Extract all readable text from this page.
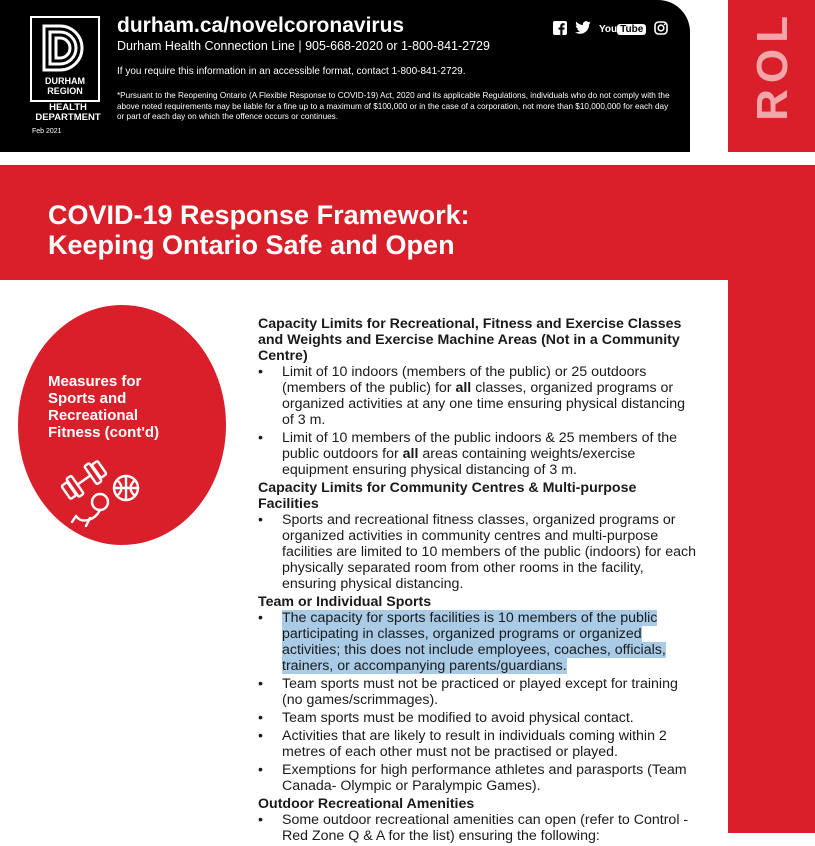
ROL
DURHAM
REGION
HEALTH
DEPARTMENT
Feb 2021
durham.ca/novelcoronavirus
Durham Health Connection Line | 905-668-2020 or 1-800-841-2729
If you require this information in an accessible format, contact 1-800-841-2729.
*Pursuant to the Reopening Ontario (A Flexible Response to COVID-19) Act, 2020 and its applicable Regulations, individuals who do not comply with the above noted requirements may be liable for a fine up to a maximum of $100,000 or in the case of a corporation, not more than $10,000,000 for each day or part of each day on which the offence occurs or continues.
You Tube
COVID-19 Response Framework:
Keeping Ontario Safe and Open
Measures for
Sports and
Recreational
Fitness (cont'd)

Capacity Limits for Recreational, Fitness and Exercise Classes and Weights and Exercise Machine Areas (Not in a Community Centre)

• Limit of 10 indoors (members of the public) or 25 outdoors (members of the public) for all classes, organized programs or organized activities at any one time ensuring physical distancing of 3 m.
• Limit of 10 members of the public indoors & 25 members of the public outdoors for all areas containing weights/exercise equipment ensuring physical distancing of 3 m.

Capacity Limits for Community Centres & Multi-purpose Facilities

• Sports and recreational fitness classes, organized programs or organized activities in community centres and multi-purpose facilities are limited to 10 members of the public (indoors) for each physically separated room from other rooms in the facility, ensuring physical distancing.

Team or Individual Sports

• The capacity for sports facilities is 10 members of the public participating in classes, organized programs or organized activities; this does not include employees, coaches, officials, trainers, or accompanying parents/guardians.
• Team sports must not be practiced or played except for training (no games/scrimmages).
• Team sports must be modified to avoid physical contact.
• Activities that are likely to result in individuals coming within 2 metres of each other must not be practised or played.
• Exemptions for high performance athletes and parasports (Team Canada- Olympic or Paralympic Games).

Outdoor Recreational Amenities

• Some outdoor recreational amenities can open (refer to Control - Red Zone Q & A for the list) ensuring the following:
